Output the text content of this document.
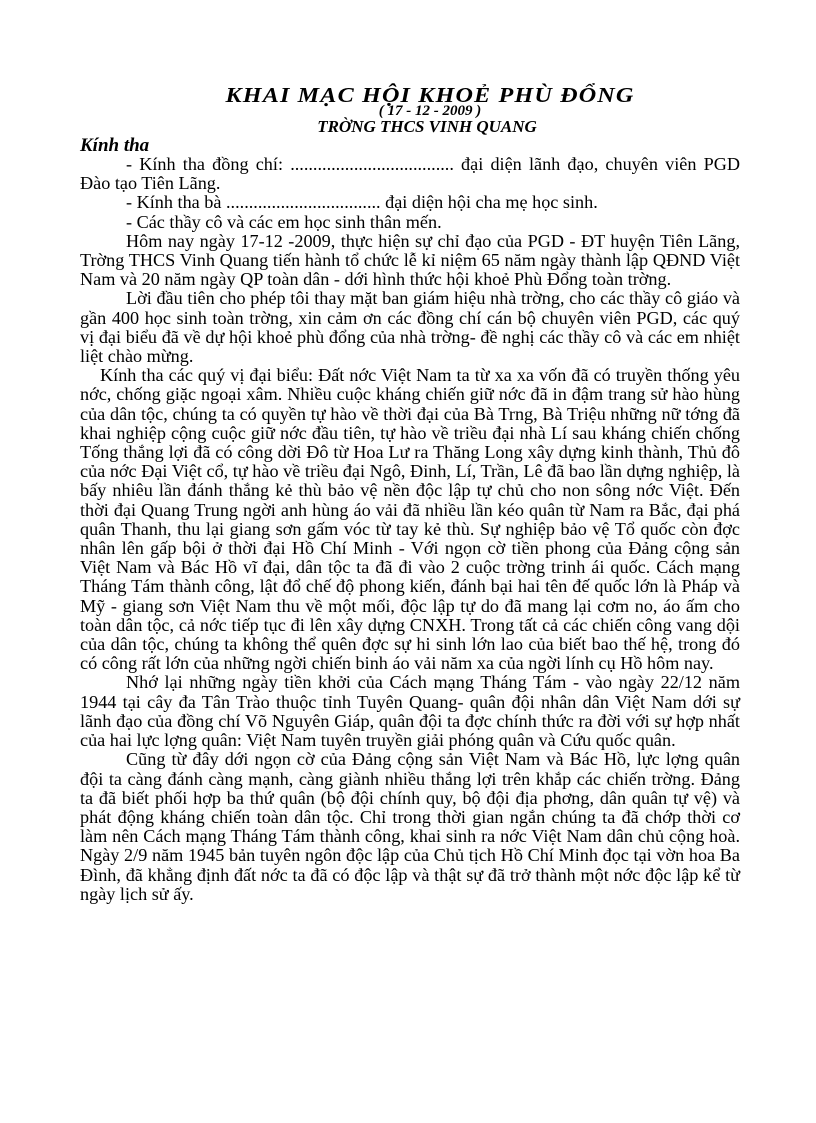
KHAI MẠC HỘI KHOẺ PHÙ ĐỔNG
( 17 - 12 - 2009 )
TRỜNG THCS VINH QUANG
Kính tha

- Kính tha đồng chí: .................................... đại diện lãnh đạo, chuyên viên PGD Đào tạo Tiên Lãng.

- Kính tha bà .................................. đại diện hội cha mẹ học sinh.

- Các thầy cô và các em học sinh thân mến.

Hôm nay ngày 17-12 -2009, thực hiện sự chỉ đạo của PGD - ĐT huyện Tiên Lãng, Trờng THCS Vinh Quang tiến hành tổ chức lễ kỉ niệm 65 năm ngày thành lập QĐND Việt Nam và 20 năm ngày QP toàn dân - dới hình thức hội khoẻ Phù Đổng toàn trờng.

Lời đầu tiên cho phép tôi thay mặt ban giám hiệu nhà trờng, cho các thầy cô giáo và gần 400 học sinh toàn trờng, xin cảm ơn các đồng chí cán bộ chuyên viên PGD, các quý vị đại biểu đã về dự hội khoẻ phù đổng của nhà trờng- đề nghị các thầy cô và các em nhiệt liệt chào mừng.

Kính tha các quý vị đại biểu: Đất nớc Việt Nam ta từ xa xa vốn đã có truyền thống yêu nớc, chống giặc ngoại xâm. Nhiều cuộc kháng chiến giữ nớc đã in đậm trang sử hào hùng của dân tộc, chúng ta có quyền tự hào về thời đại của Bà Trng, Bà Triệu những nữ tớng đã khai nghiệp cộng cuộc giữ nớc đầu tiên, tự hào về triều đại nhà Lí sau kháng chiến chống Tống thắng lợi đã có công dời Đô từ Hoa Lư ra Thăng Long xây dựng kinh thành, Thủ đô của nớc Đại Việt cổ, tự hào về triều đại Ngô, Đinh, Lí, Trần, Lê đã bao lần dựng nghiệp, là bấy nhiêu lần đánh thắng kẻ thù bảo vệ nền độc lập tự chủ cho non sông nớc Việt. Đến thời đại Quang Trung ngời anh hùng áo vải đã nhiều lần kéo quân từ Nam ra Bắc, đại phá quân Thanh, thu lại giang sơn gấm vóc từ tay kẻ thù. Sự nghiệp bảo vệ Tổ quốc còn đợc nhân lên gấp bội ở thời đại Hồ Chí Minh - Với ngọn cờ tiền phong của Đảng cộng sản Việt Nam và Bác Hồ vĩ đại, dân tộc ta đã đi vào 2 cuộc trờng trinh ái quốc. Cách mạng Tháng Tám thành công, lật đổ chế độ phong kiến, đánh bại hai tên đế quốc lớn là Pháp và Mỹ - giang sơn Việt Nam thu về một mối, độc lập tự do đã mang lại cơm no, áo ấm cho toàn dân tộc, cả nớc tiếp tục đi lên xây dựng CNXH. Trong tất cả các chiến công vang dội của dân tộc, chúng ta không thể quên đợc sự hi sinh lớn lao của biết bao thế hệ, trong đó có công rất lớn của những ngời chiến binh áo vải năm xa của ngời lính cụ Hồ hôm nay.

Nhớ lại những ngày tiền khởi của Cách mạng Tháng Tám - vào ngày 22/12 năm 1944 tại cây đa Tân Trào thuộc tỉnh Tuyên Quang- quân đội nhân dân Việt Nam dới sự lãnh đạo của đồng chí Võ Nguyên Giáp, quân đội ta đợc chính thức ra đời với sự hợp nhất của hai lực lợng quân: Việt Nam tuyên truyền giải phóng quân và Cứu quốc quân.

Cũng từ đây dới ngọn cờ của Đảng cộng sản Việt Nam và Bác Hồ, lực lợng quân đội ta càng đánh càng mạnh, càng giành nhiều thắng lợi trên khắp các chiến trờng. Đảng ta đã biết phối hợp ba thứ quân (bộ đội chính quy, bộ đội địa phơng, dân quân tự vệ) và phát động kháng chiến toàn dân tộc. Chỉ trong thời gian ngắn chúng ta đã chớp thời cơ làm nên Cách mạng Tháng Tám thành công, khai sinh ra nớc Việt Nam dân chủ cộng hoà. Ngày 2/9 năm 1945 bản tuyên ngôn độc lập của Chủ tịch Hồ Chí Minh đọc tại vờn hoa Ba Đình, đã khẳng định đất nớc ta đã có độc lập và thật sự đã trở thành một nớc độc lập kể từ ngày lịch sử ấy.
